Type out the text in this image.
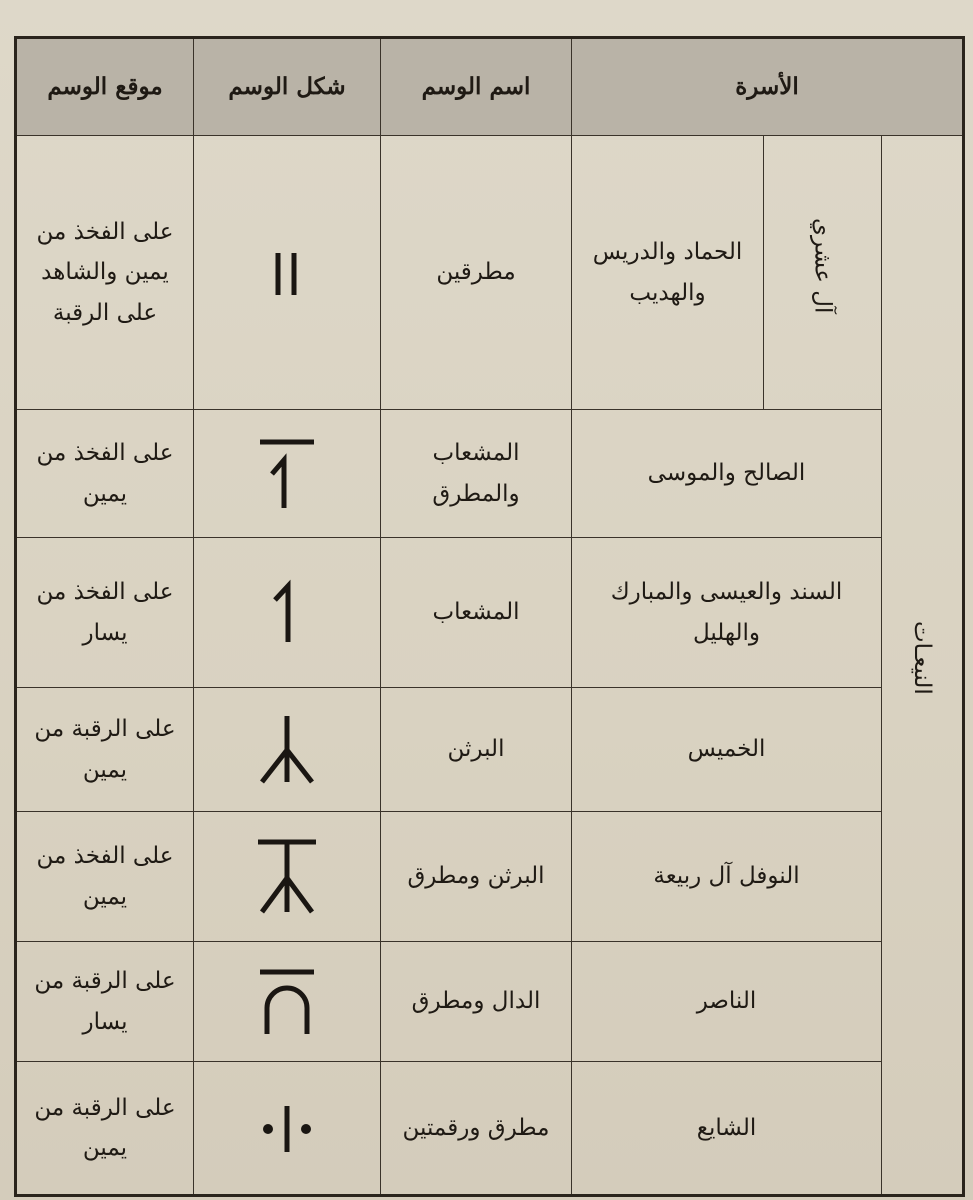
الأسرة			اسم الوسم	شكل الوسم	موقع الوسم
النيعـات	آل عشري	الحماد والدريس والهديب	مطرقين		على الفخذ من يمين والشاهد على الرقبة
	الصالح والموسى		المشعاب والمطرق		على الفخذ من يمين
	السند والعيسى والمبارك والهليل		المشعاب		على الفخذ من يسار
	الخميس		البرثن		على الرقبة من يمين
	النوفل آل ربيعة		البرثن ومطرق		على الفخذ من يمين
	الناصر		الدال ومطرق		على الرقبة من يسار
	الشايع		مطرق ورقمتين		على الرقبة من يمين
